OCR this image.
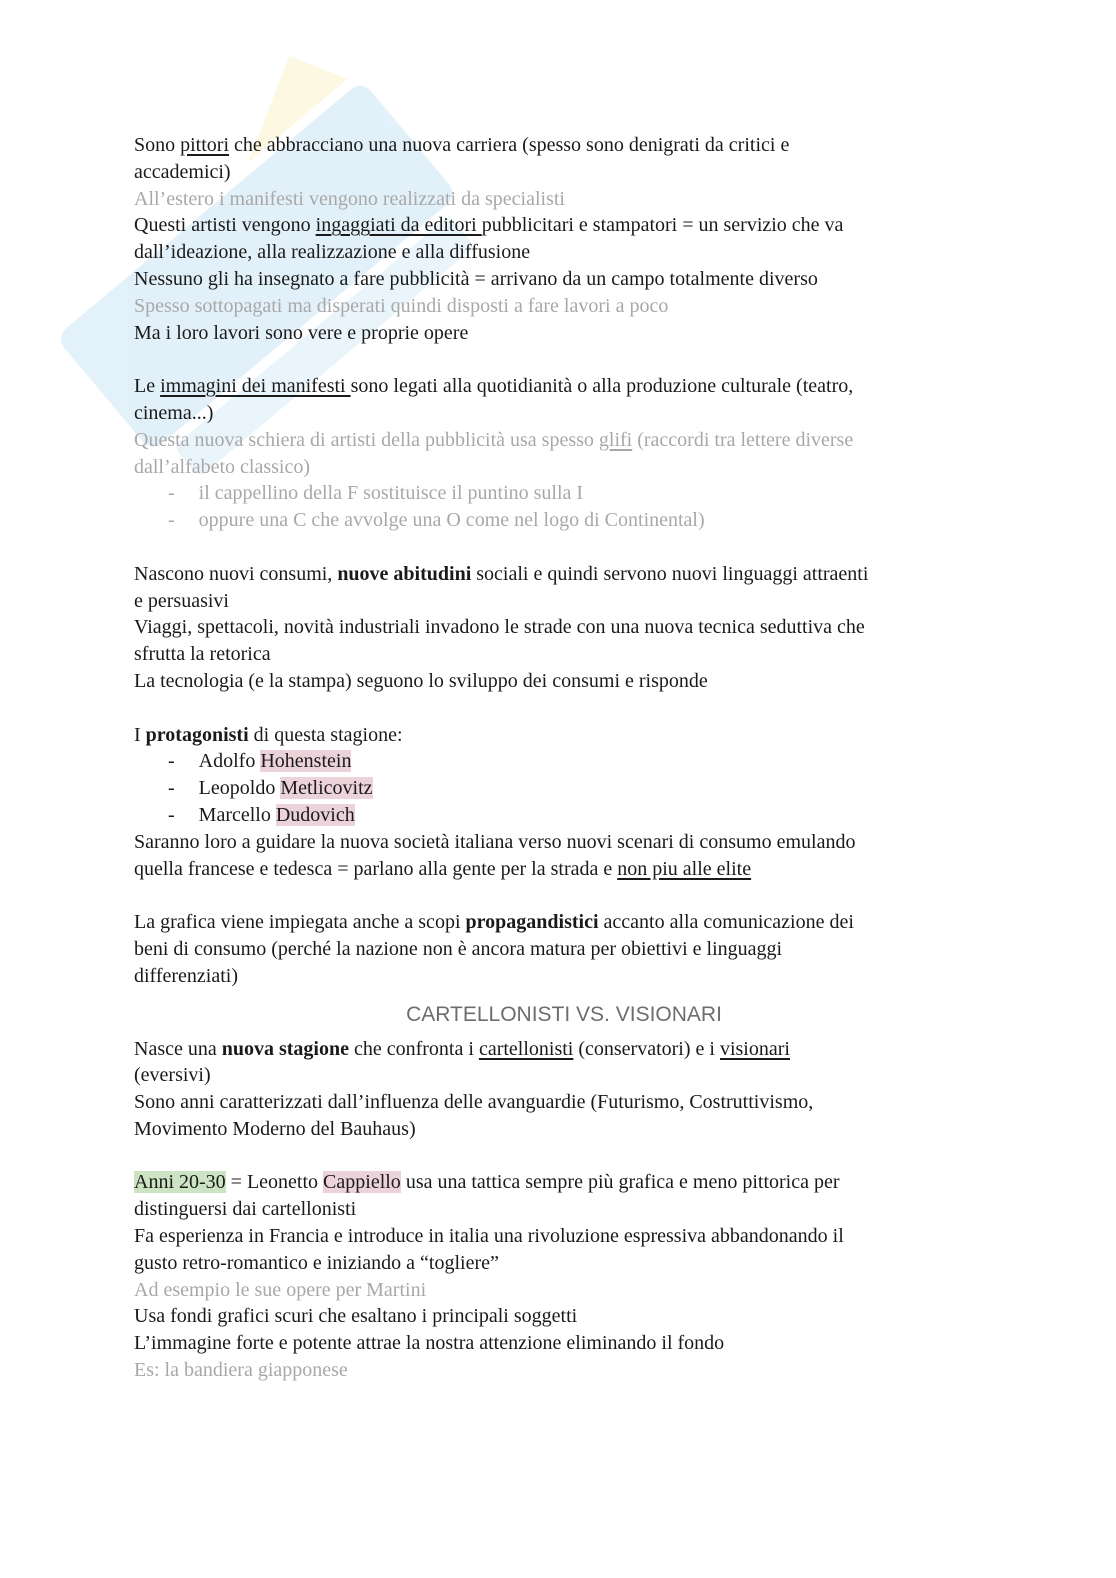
Sono pittori che abbracciano una nuova carriera (spesso sono denigrati da critici e
accademici)
All’estero i manifesti vengono realizzati da specialisti
Questi artisti vengono ingaggiati da editori pubblicitari e stampatori = un servizio che va
dall’ideazione, alla realizzazione e alla diffusione
Nessuno gli ha insegnato a fare pubblicità = arrivano da un campo totalmente diverso
Spesso sottopagati ma disperati quindi disposti a fare lavori a poco
Ma i loro lavori sono vere e proprie opere
Le immagini dei manifesti sono legati alla quotidianità o alla produzione culturale (teatro,
cinema...)
Questa nuova schiera di artisti della pubblicità usa spesso glifi (raccordi tra lettere diverse
dall’alfabeto classico)
- il cappellino della F sostituisce il puntino sulla I
- oppure una C che avvolge una O come nel logo di Continental)
Nascono nuovi consumi, nuove abitudini sociali e quindi servono nuovi linguaggi attraenti
e persuasivi
Viaggi, spettacoli, novità industriali invadono le strade con una nuova tecnica seduttiva che
sfrutta la retorica
La tecnologia (e la stampa) seguono lo sviluppo dei consumi e risponde
I protagonisti di questa stagione:
- Adolfo Hohenstein
- Leopoldo Metlicovitz
- Marcello Dudovich
Saranno loro a guidare la nuova società italiana verso nuovi scenari di consumo emulando
quella francese e tedesca = parlano alla gente per la strada e non piu alle elite
La grafica viene impiegata anche a scopi propagandistici accanto alla comunicazione dei
beni di consumo (perché la nazione non è ancora matura per obiettivi e linguaggi
differenziati)
CARTELLONISTI VS. VISIONARI
Nasce una nuova stagione che confronta i cartellonisti (conservatori) e i visionari
(eversivi)
Sono anni caratterizzati dall’influenza delle avanguardie (Futurismo, Costruttivismo,
Movimento Moderno del Bauhaus)
Anni 20-30 = Leonetto Cappiello usa una tattica sempre più grafica e meno pittorica per
distinguersi dai cartellonisti
Fa esperienza in Francia e introduce in italia una rivoluzione espressiva abbandonando il
gusto retro-romantico e iniziando a “togliere”
Ad esempio le sue opere per Martini
Usa fondi grafici scuri che esaltano i principali soggetti
L’immagine forte e potente attrae la nostra attenzione eliminando il fondo
Es: la bandiera giapponese
